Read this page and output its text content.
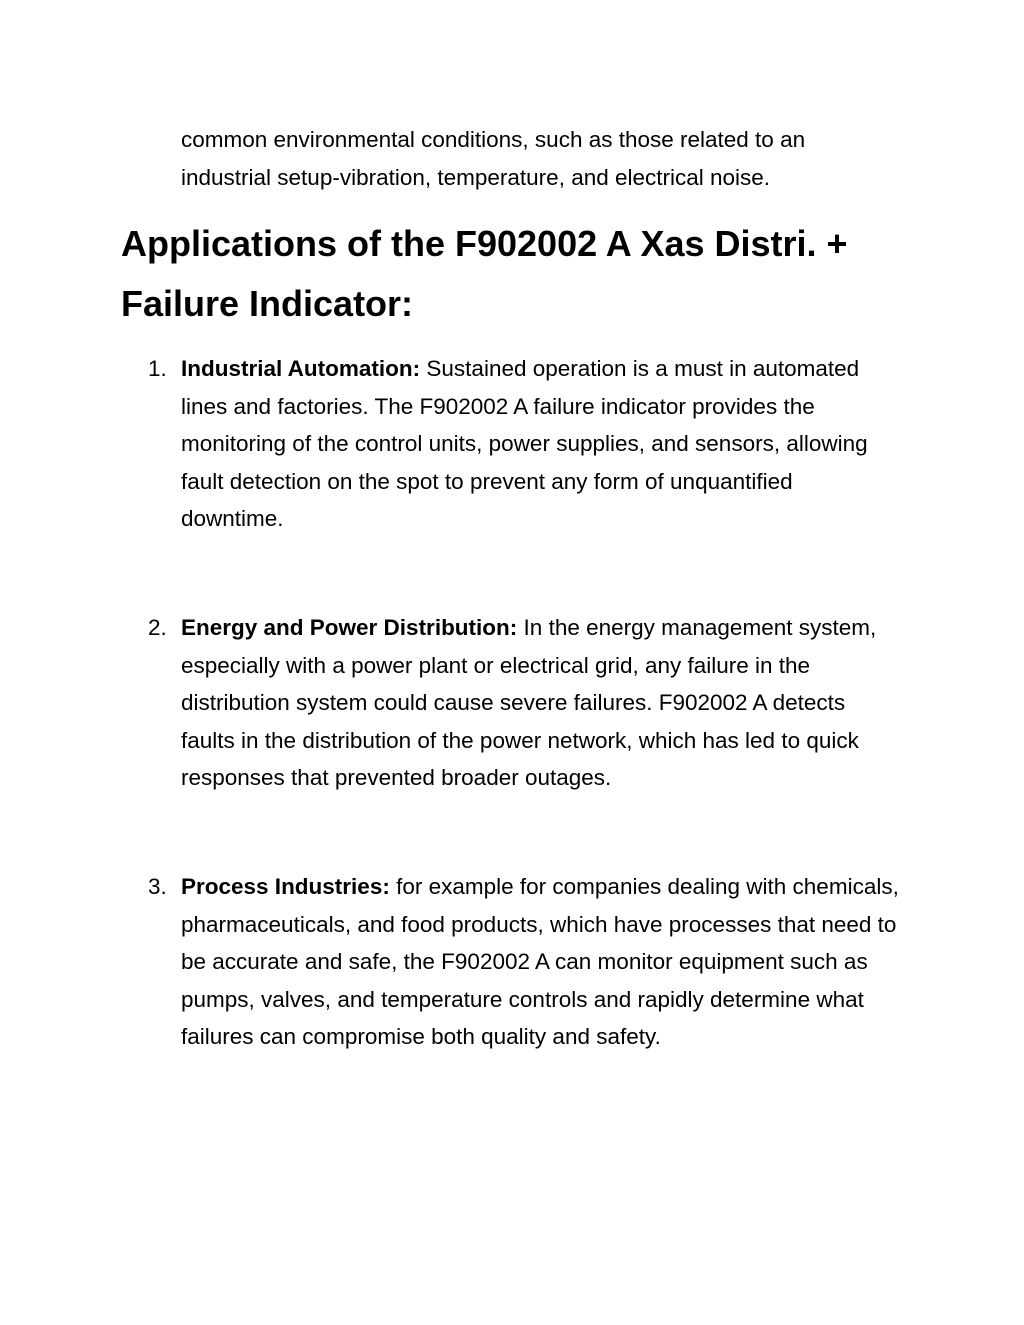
common environmental conditions, such as those related to an industrial setup-vibration, temperature, and electrical noise.

Applications of the F902002 A Xas Distri. + Failure Indicator:
1. Industrial Automation: Sustained operation is a must in automated lines and factories. The F902002 A failure indicator provides the monitoring of the control units, power supplies, and sensors, allowing fault detection on the spot to prevent any form of unquantified downtime.
2. Energy and Power Distribution: In the energy management system, especially with a power plant or electrical grid, any failure in the distribution system could cause severe failures. F902002 A detects faults in the distribution of the power network, which has led to quick responses that prevented broader outages.
3. Process Industries: for example for companies dealing with chemicals, pharmaceuticals, and food products, which have processes that need to be accurate and safe, the F902002 A can monitor equipment such as pumps, valves, and temperature controls and rapidly determine what failures can compromise both quality and safety.
